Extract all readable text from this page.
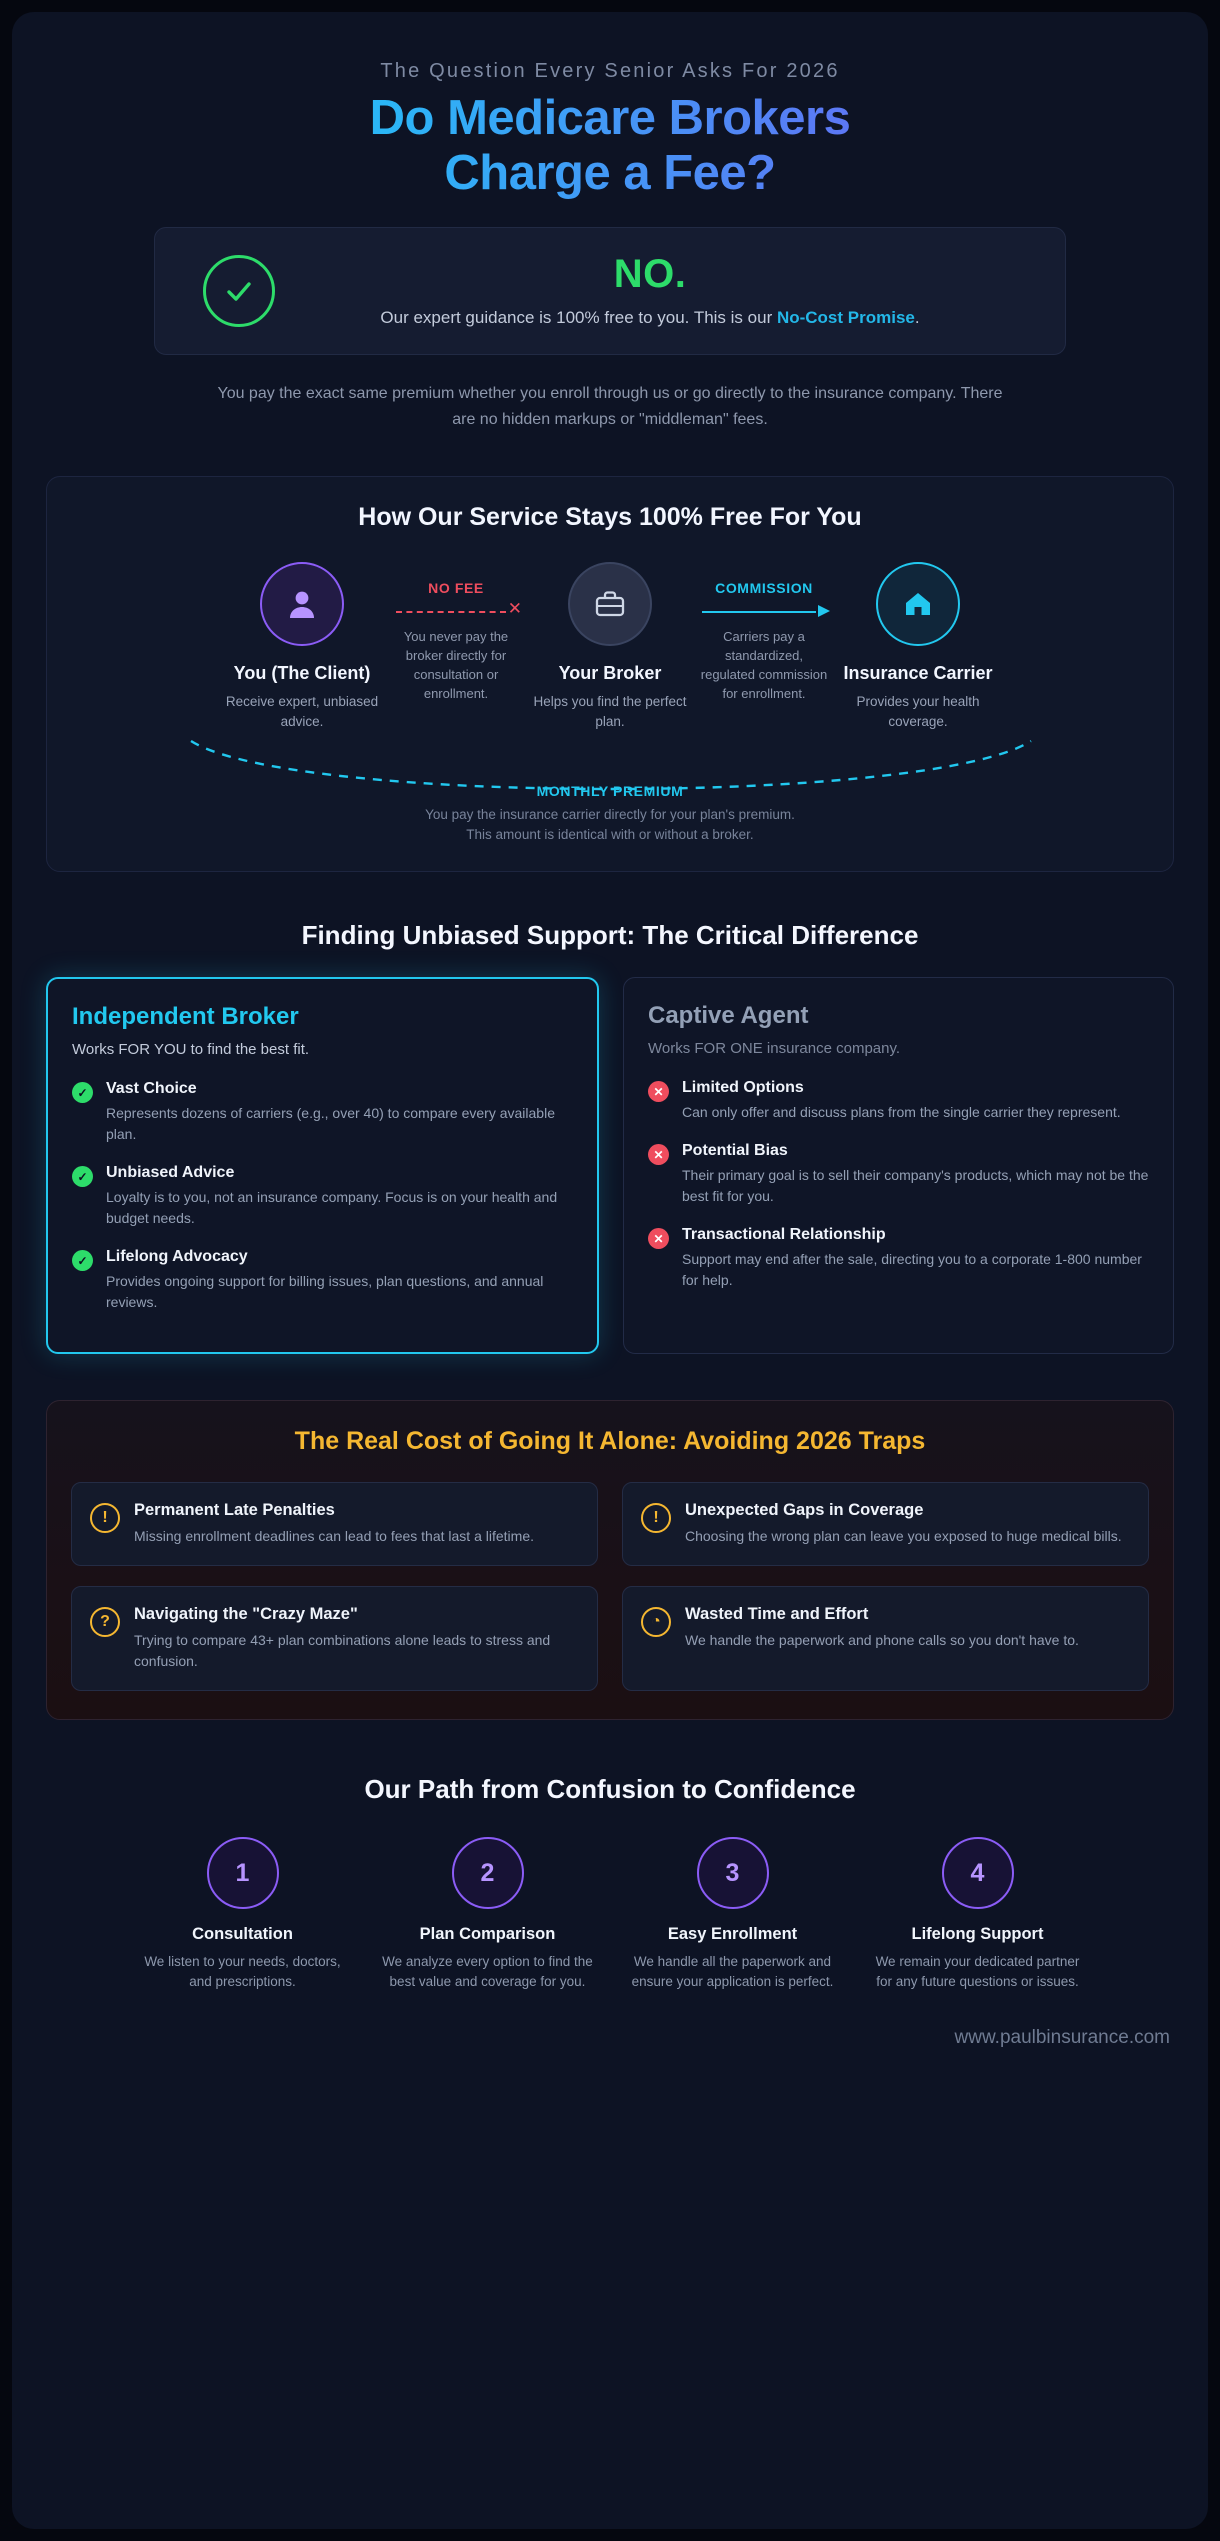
The Question Every Senior Asks For 2026
Do Medicare Brokers
Charge a Fee?
NO.
Our expert guidance is 100% free to you. This is our No-Cost Promise.
You pay the exact same premium whether you enroll through us or go directly to the insurance company. There are no hidden markups or "middleman" fees.
How Our Service Stays 100% Free For You
You (The Client)
Receive expert, unbiased advice.
NO FEE
✕
You never pay the broker directly for consultation or enrollment.
Your Broker
Helps you find the perfect plan.
COMMISSION
Carriers pay a standardized, regulated commission for enrollment.
Insurance Carrier
Provides your health coverage.
MONTHLY PREMIUM
You pay the insurance carrier directly for your plan's premium. This amount is identical with or without a broker.
Finding Unbiased Support: The Critical Difference
Independent Broker
Works FOR YOU to find the best fit.
✓	Vast Choice
Represents dozens of carriers (e.g., over 40) to compare every available plan.
✓	Unbiased Advice
Loyalty is to you, not an insurance company. Focus is on your health and budget needs.
✓	Lifelong Advocacy
Provides ongoing support for billing issues, plan questions, and annual reviews.
Captive Agent
Works FOR ONE insurance company.
✕	Limited Options
Can only offer and discuss plans from the single carrier they represent.
✕	Potential Bias
Their primary goal is to sell their company's products, which may not be the best fit for you.
✕	Transactional Relationship
Support may end after the sale, directing you to a corporate 1-800 number for help.
The Real Cost of Going It Alone: Avoiding 2026 Traps
!	Permanent Late Penalties
Missing enrollment deadlines can lead to fees that last a lifetime.
!	Unexpected Gaps in Coverage
Choosing the wrong plan can leave you exposed to huge medical bills.
?	Navigating the "Crazy Maze"
Trying to compare 43+ plan combinations alone leads to stress and confusion.
◔	Wasted Time and Effort
We handle the paperwork and phone calls so you don't have to.
Our Path from Confusion to Confidence
1
Consultation
We listen to your needs, doctors, and prescriptions.
2
Plan Comparison
We analyze every option to find the best value and coverage for you.
3
Easy Enrollment
We handle all the paperwork and ensure your application is perfect.
4
Lifelong Support
We remain your dedicated partner for any future questions or issues.
www.paulbinsurance.com
